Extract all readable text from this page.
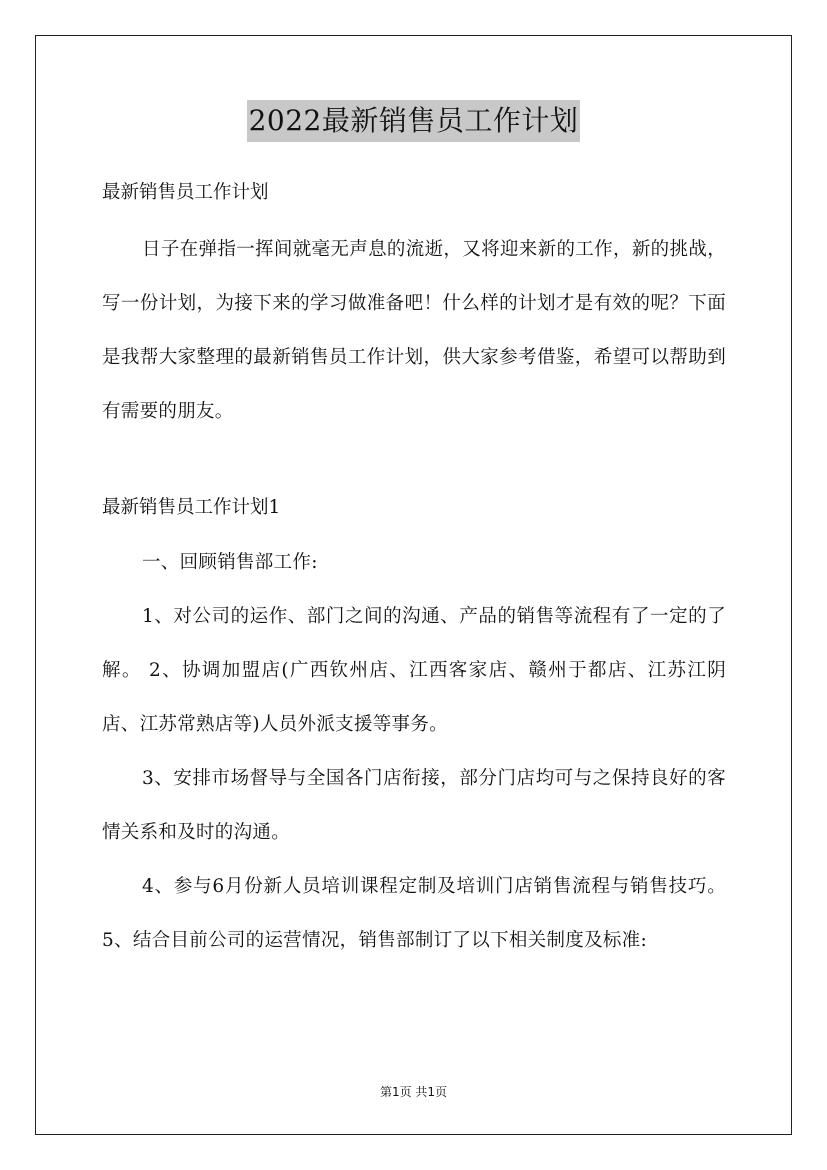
2022最新销售员工作计划
最新销售员工作计划
日子在弹指一挥间就毫无声息的流逝，又将迎来新的工作，新的挑战，写一份计划，为接下来的学习做准备吧！什么样的计划才是有效的呢？下面是我帮大家整理的最新销售员工作计划，供大家参考借鉴，希望可以帮助到有需要的朋友。
最新销售员工作计划1
一、回顾销售部工作:
1、对公司的运作、部门之间的沟通、产品的销售等流程有了一定的了解。 2、协调加盟店(广西钦州店、江西客家店、赣州于都店、江苏江阴店、江苏常熟店等)人员外派支援等事务。
3、安排市场督导与全国各门店衔接，部分门店均可与之保持良好的客情关系和及时的沟通。
4、参与6月份新人员培训课程定制及培训门店销售流程与销售技巧。 5、结合目前公司的运营情况，销售部制订了以下相关制度及标准:
第1页 共1页
